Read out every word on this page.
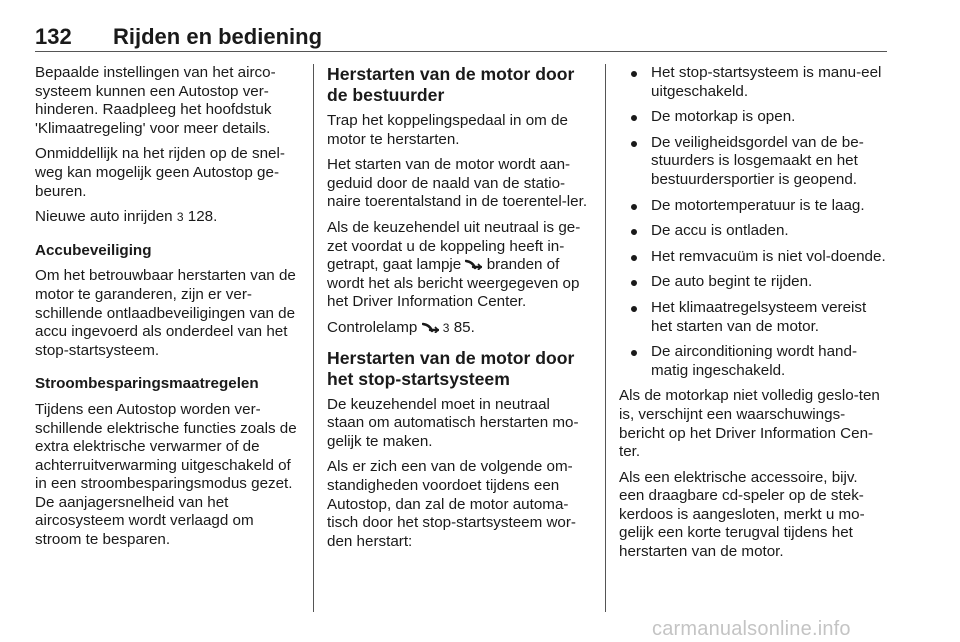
132	Rijden en bediening

Bepaalde instellingen van het airco-systeem kunnen een Autostop ver-hinderen. Raadpleeg het hoofdstuk 'Klimaatregeling' voor meer details.

Onmiddellijk na het rijden op de snel-weg kan mogelijk geen Autostop ge-beuren.

Nieuwe auto inrijden 3 128.

Accubeveiliging

Om het betrouwbaar herstarten van de motor te garanderen, zijn er ver-schillende ontlaadbeveiligingen van de accu ingevoerd als onderdeel van het stop-startsysteem.

Stroombesparingsmaatregelen

Tijdens een Autostop worden ver-schillende elektrische functies zoals de extra elektrische verwarmer of de achterruitverwarming uitgeschakeld of in een stroombesparingsmodus gezet. De aanjagersnelheid van het aircosysteem wordt verlaagd om stroom te besparen.

Herstarten van de motor door de bestuurder

Trap het koppelingspedaal in om de motor te herstarten.

Het starten van de motor wordt aan-geduid door de naald van de statio-naire toerentalstand in de toerentel-ler.

Als de keuzehendel uit neutraal is ge-zet voordat u de koppeling heeft in-getrapt, gaat lampje branden of wordt het als bericht weergegeven op het Driver Information Center.

Controlelamp 3 85.

Herstarten van de motor door het stop-startsysteem

De keuzehendel moet in neutraal staan om automatisch herstarten mo-gelijk te maken.

Als er zich een van de volgende om-standigheden voordoet tijdens een Autostop, dan zal de motor automa-tisch door het stop-startsysteem wor-den herstart:

Het stop-startsysteem is manu-eel uitgeschakeld.
De motorkap is open.
De veiligheidsgordel van de be-stuurders is losgemaakt en het bestuurdersportier is geopend.
De motortemperatuur is te laag.
De accu is ontladen.
Het remvacuüm is niet vol-doende.
De auto begint te rijden.
Het klimaatregelsysteem vereist het starten van de motor.
De airconditioning wordt hand-matig ingeschakeld.

Als de motorkap niet volledig geslo-ten is, verschijnt een waarschuwings-bericht op het Driver Information Cen-ter.

Als een elektrische accessoire, bijv. een draagbare cd-speler op de stek-kerdoos is aangesloten, merkt u mo-gelijk een korte terugval tijdens het herstarten van de motor.

carmanualsonline.info
